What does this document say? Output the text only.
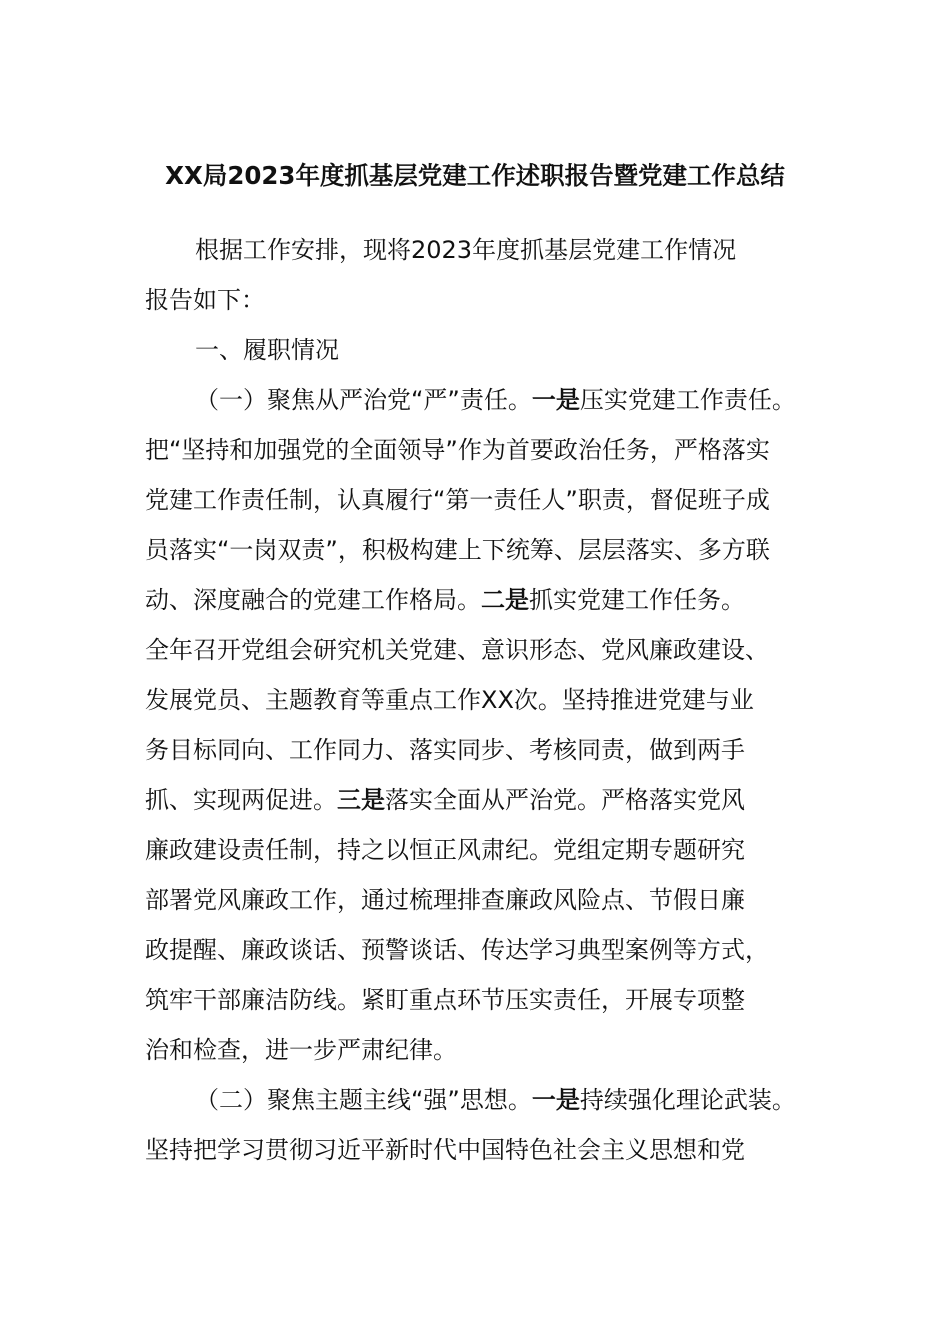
XX局2023年度抓基层党建工作述职报告暨党建工作总结
根据工作安排，现将2023年度抓基层党建工作情况
报告如下：
一、履职情况
（一）聚焦从严治党“严”责任。一是压实党建工作责任。
把“坚持和加强党的全面领导”作为首要政治任务，严格落实
党建工作责任制，认真履行“第一责任人”职责，督促班子成
员落实“一岗双责”，积极构建上下统筹、层层落实、多方联
动、深度融合的党建工作格局。二是抓实党建工作任务。
全年召开党组会研究机关党建、意识形态、党风廉政建设、
发展党员、主题教育等重点工作XX次。坚持推进党建与业
务目标同向、工作同力、落实同步、考核同责，做到两手
抓、实现两促进。三是落实全面从严治党。严格落实党风
廉政建设责任制，持之以恒正风肃纪。党组定期专题研究
部署党风廉政工作，通过梳理排查廉政风险点、节假日廉
政提醒、廉政谈话、预警谈话、传达学习典型案例等方式，
筑牢干部廉洁防线。紧盯重点环节压实责任，开展专项整
治和检查，进一步严肃纪律。
（二）聚焦主题主线“强”思想。一是持续强化理论武装。
坚持把学习贯彻习近平新时代中国特色社会主义思想和党
